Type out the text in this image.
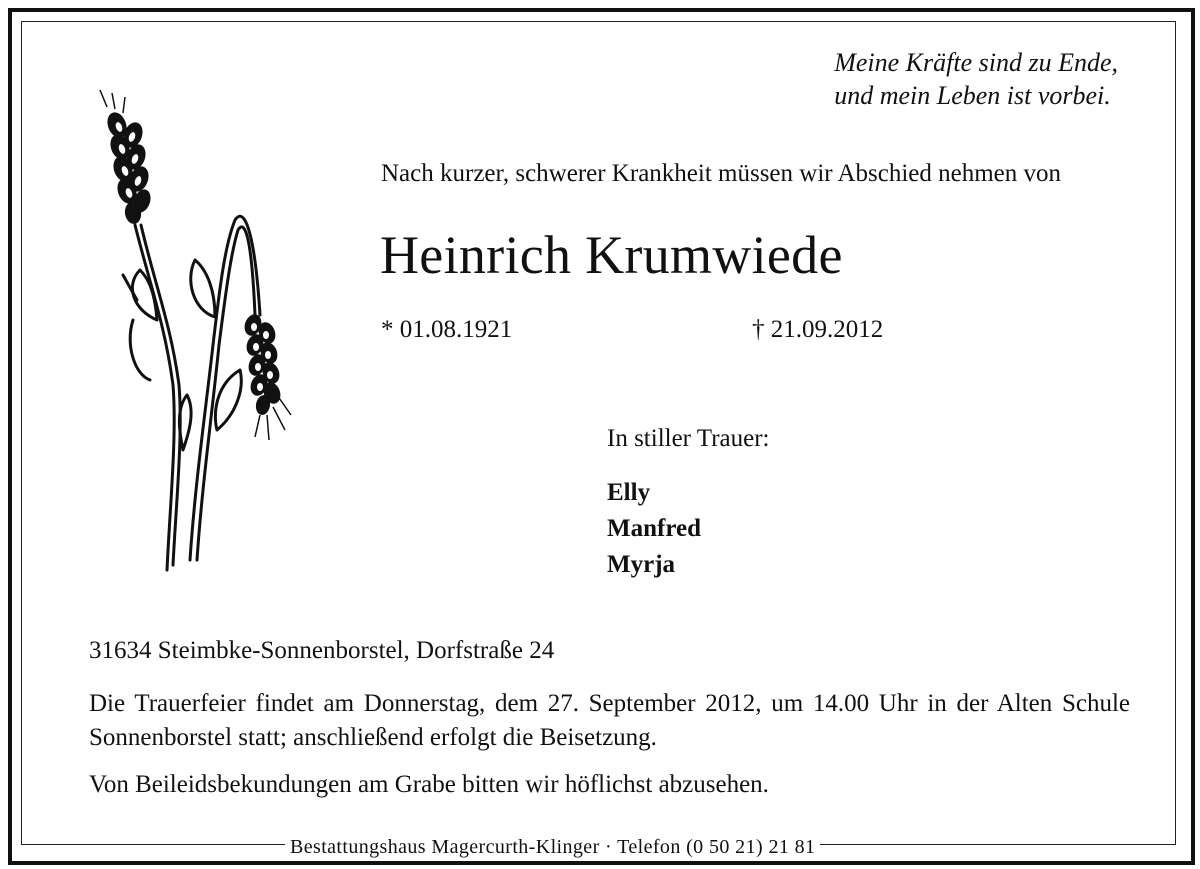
Meine Kräfte sind zu Ende,
und mein Leben ist vorbei.
Nach kurzer, schwerer Krankheit müssen wir Abschied nehmen von
Heinrich Krumwiede
* 01.08.1921	† 21.09.2012
In stiller Trauer:
Elly
Manfred
Myrja
31634 Steimbke-Sonnenborstel, Dorfstraße 24
Die Trauerfeier findet am Donnerstag, dem 27. September 2012, um 14.00 Uhr in der Alten Schule Sonnenborstel statt; anschließend erfolgt die Beisetzung.
Von Beileidsbekundungen am Grabe bitten wir höflichst abzusehen.
Bestattungshaus Magercurth-Klinger · Telefon (0 50 21) 21 81
